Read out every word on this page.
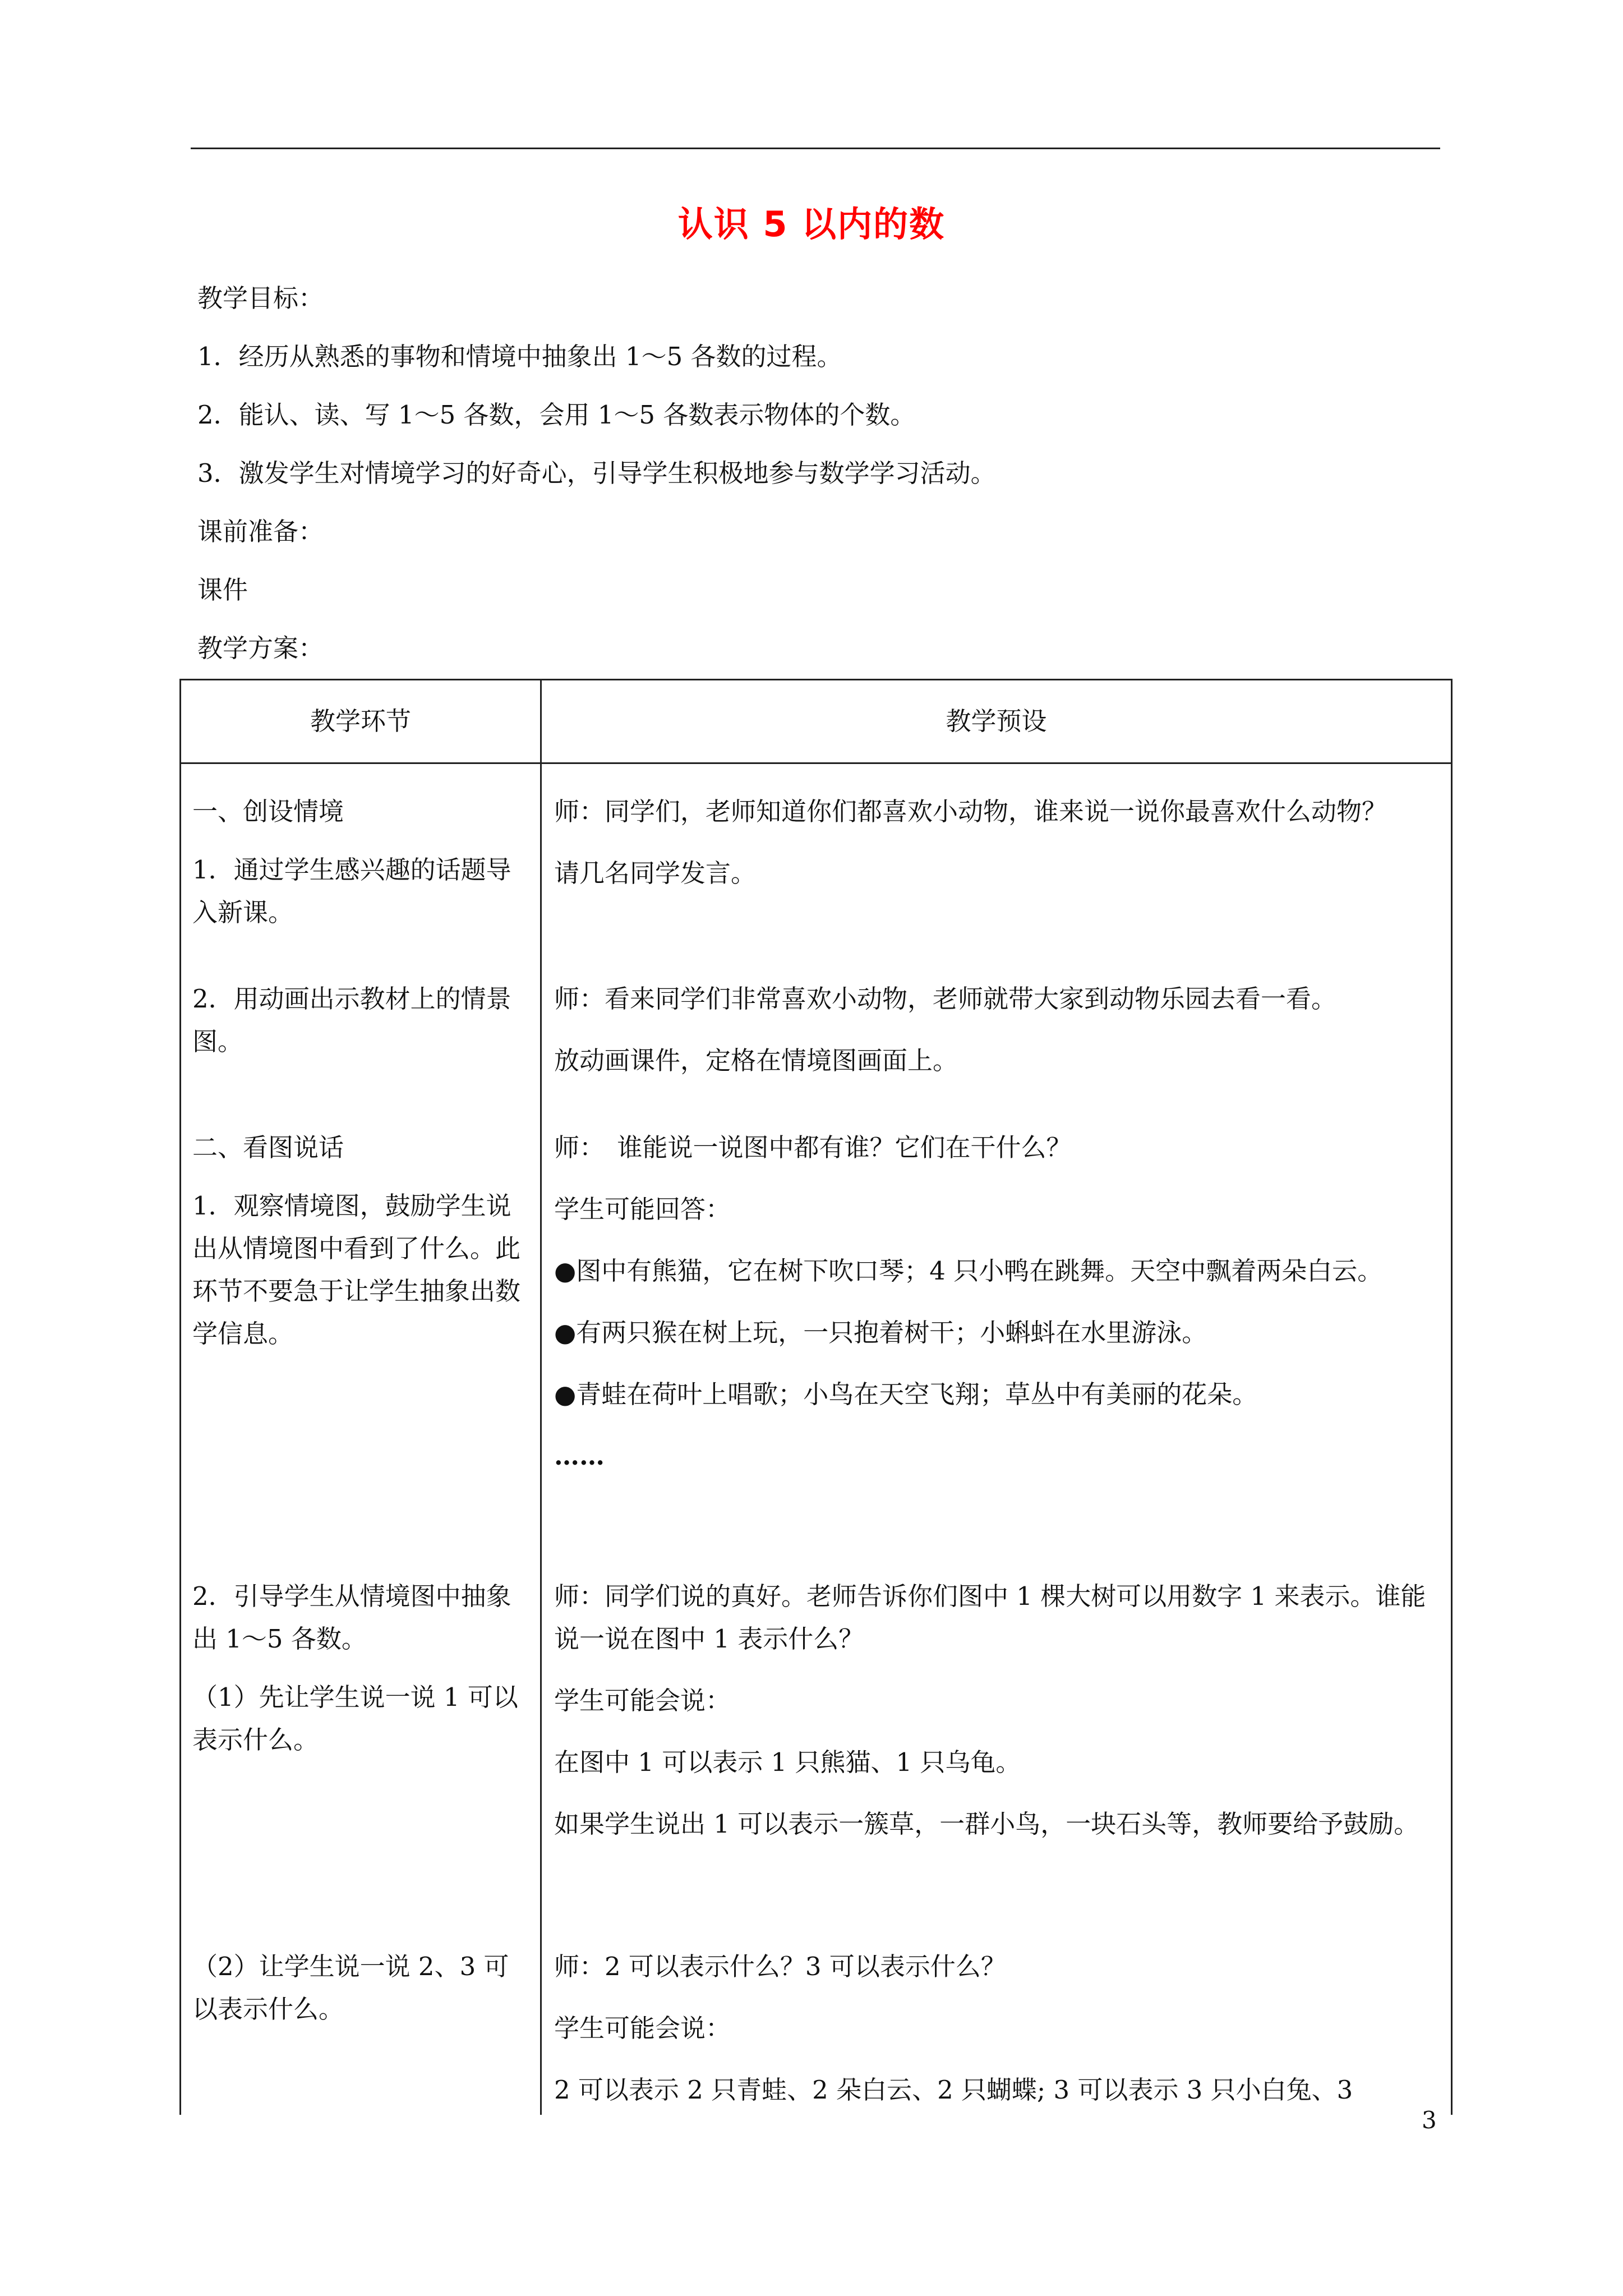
认识 5 以内的数

教学目标：

1．经历从熟悉的事物和情境中抽象出 1～5 各数的过程。

2．能认、读、写 1～5 各数，会用 1～5 各数表示物体的个数。

3．激发学生对情境学习的好奇心，引导学生积极地参与数学学习活动。

课前准备：

课件

教学方案：

教学环节	教学预设

一、创设情境

1．通过学生感兴趣的话题导入新课。

师：同学们，老师知道你们都喜欢小动物，谁来说一说你最喜欢什么动物？

请几名同学发言。

2．用动画出示教材上的情景图。

师：看来同学们非常喜欢小动物，老师就带大家到动物乐园去看一看。

放动画课件，定格在情境图画面上。

二、看图说话

1．观察情境图，鼓励学生说出从情境图中看到了什么。此环节不要急于让学生抽象出数学信息。

师：　谁能说一说图中都有谁？它们在干什么？

学生可能回答：

●图中有熊猫，它在树下吹口琴；4 只小鸭在跳舞。天空中飘着两朵白云。

●有两只猴在树上玩，一只抱着树干；小蝌蚪在水里游泳。

●青蛙在荷叶上唱歌；小鸟在天空飞翔；草丛中有美丽的花朵。

……

2．引导学生从情境图中抽象出 1～5 各数。

（1）先让学生说一说 1 可以表示什么。

师：同学们说的真好。老师告诉你们图中 1 棵大树可以用数字 1 来表示。谁能说一说在图中 1 表示什么？

学生可能会说：

在图中 1 可以表示 1 只熊猫、1 只乌龟。

如果学生说出 1 可以表示一簇草，一群小鸟，一块石头等，教师要给予鼓励。

（2）让学生说一说 2、3 可以表示什么。

师：2 可以表示什么？3 可以表示什么？

学生可能会说：

2 可以表示 2 只青蛙、2 朵白云、2 只蝴蝶; 3 可以表示 3 只小白兔、3

3
